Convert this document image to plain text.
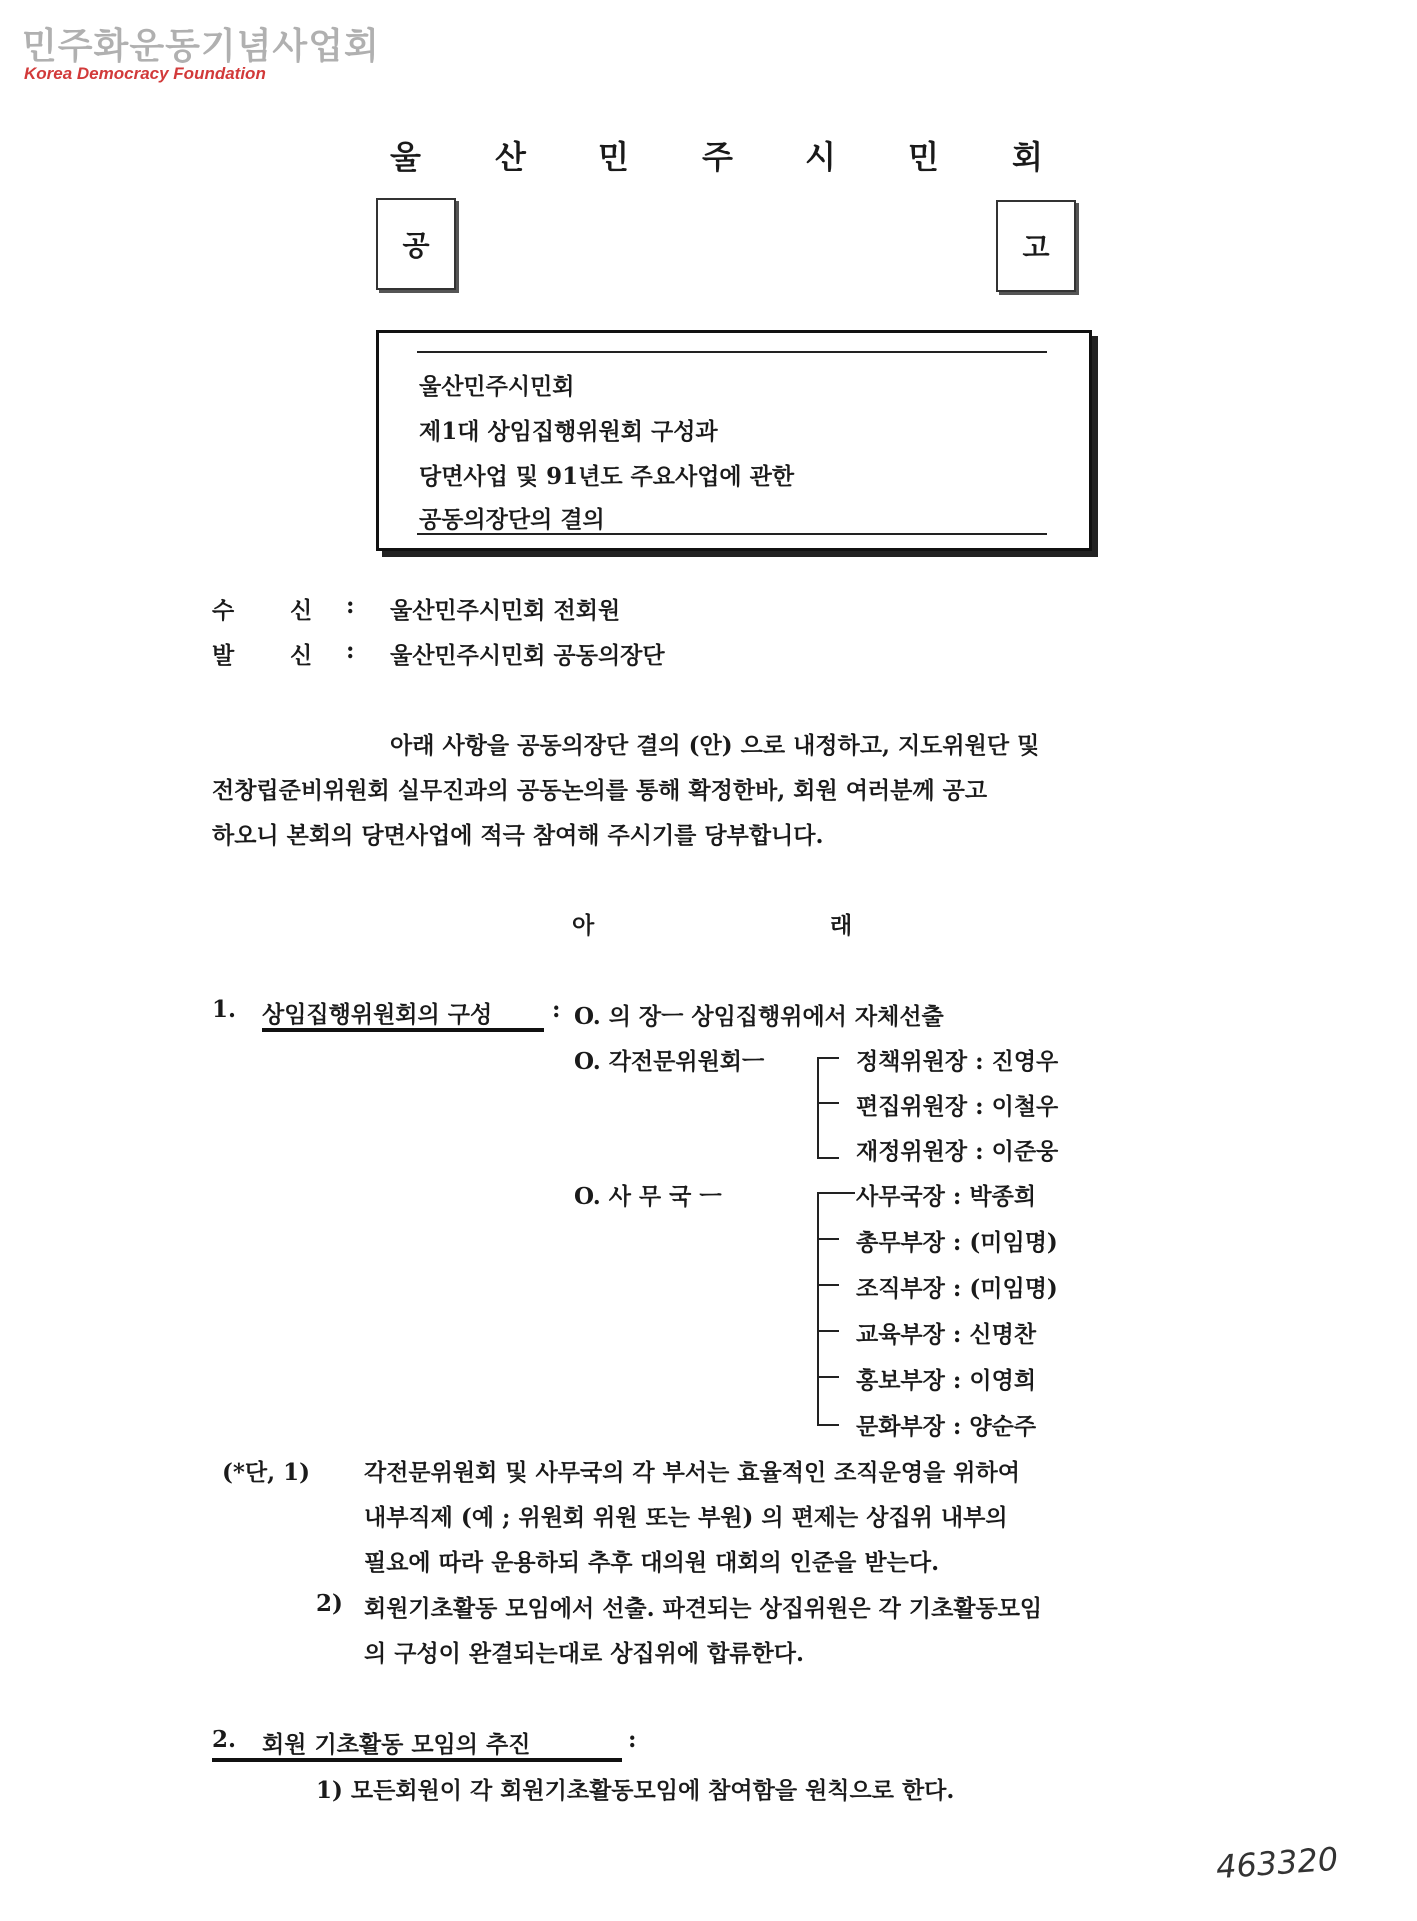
민주화운동기념사업회
Korea Democracy Foundation
울 산 민 주 시 민 회
공	고
울산민주시민회
제1대 상임집행위원회 구성과
당면사업 및 91년도 주요사업에 관한
공동의장단의 결의
수 신 : 울산민주시민회 전회원
발 신 : 울산민주시민회 공동의장단
아래 사항을 공동의장단 결의 (안) 으로 내정하고, 지도위원단 및
전창립준비위원회 실무진과의 공동논의를 통해 확정한바, 회원 여러분께 공고
하오니 본회의 당면사업에 적극 참여해 주시기를 당부합니다.
아	래
1. 상임집행위원회의 구성	: O. 의 장ㅡ 상임집행위에서 자체선출
O. 각전문위원회ㅡ	정책위원장 : 진영우
편집위원장 : 이철우
재정위원장 : 이준웅
O. 사 무 국 ㅡ	사무국장 : 박종희
총무부장 : (미임명)
조직부장 : (미임명)
교육부장 : 신명찬
홍보부장 : 이영희
문화부장 : 양순주
(*단, 1) 각전문위원회 및 사무국의 각 부서는 효율적인 조직운영을 위하여
내부직제 (예 ; 위원회 위원 또는 부원) 의 편제는 상집위 내부의
필요에 따라 운용하되 추후 대의원 대회의 인준을 받는다.
2) 회원기초활동 모임에서 선출. 파견되는 상집위원은 각 기초활동모임
의 구성이 완결되는대로 상집위에 합류한다.
2. 회원 기초활동 모임의 추진	:
1) 모든회원이 각 회원기초활동모임에 참여함을 원칙으로 한다.
463320
